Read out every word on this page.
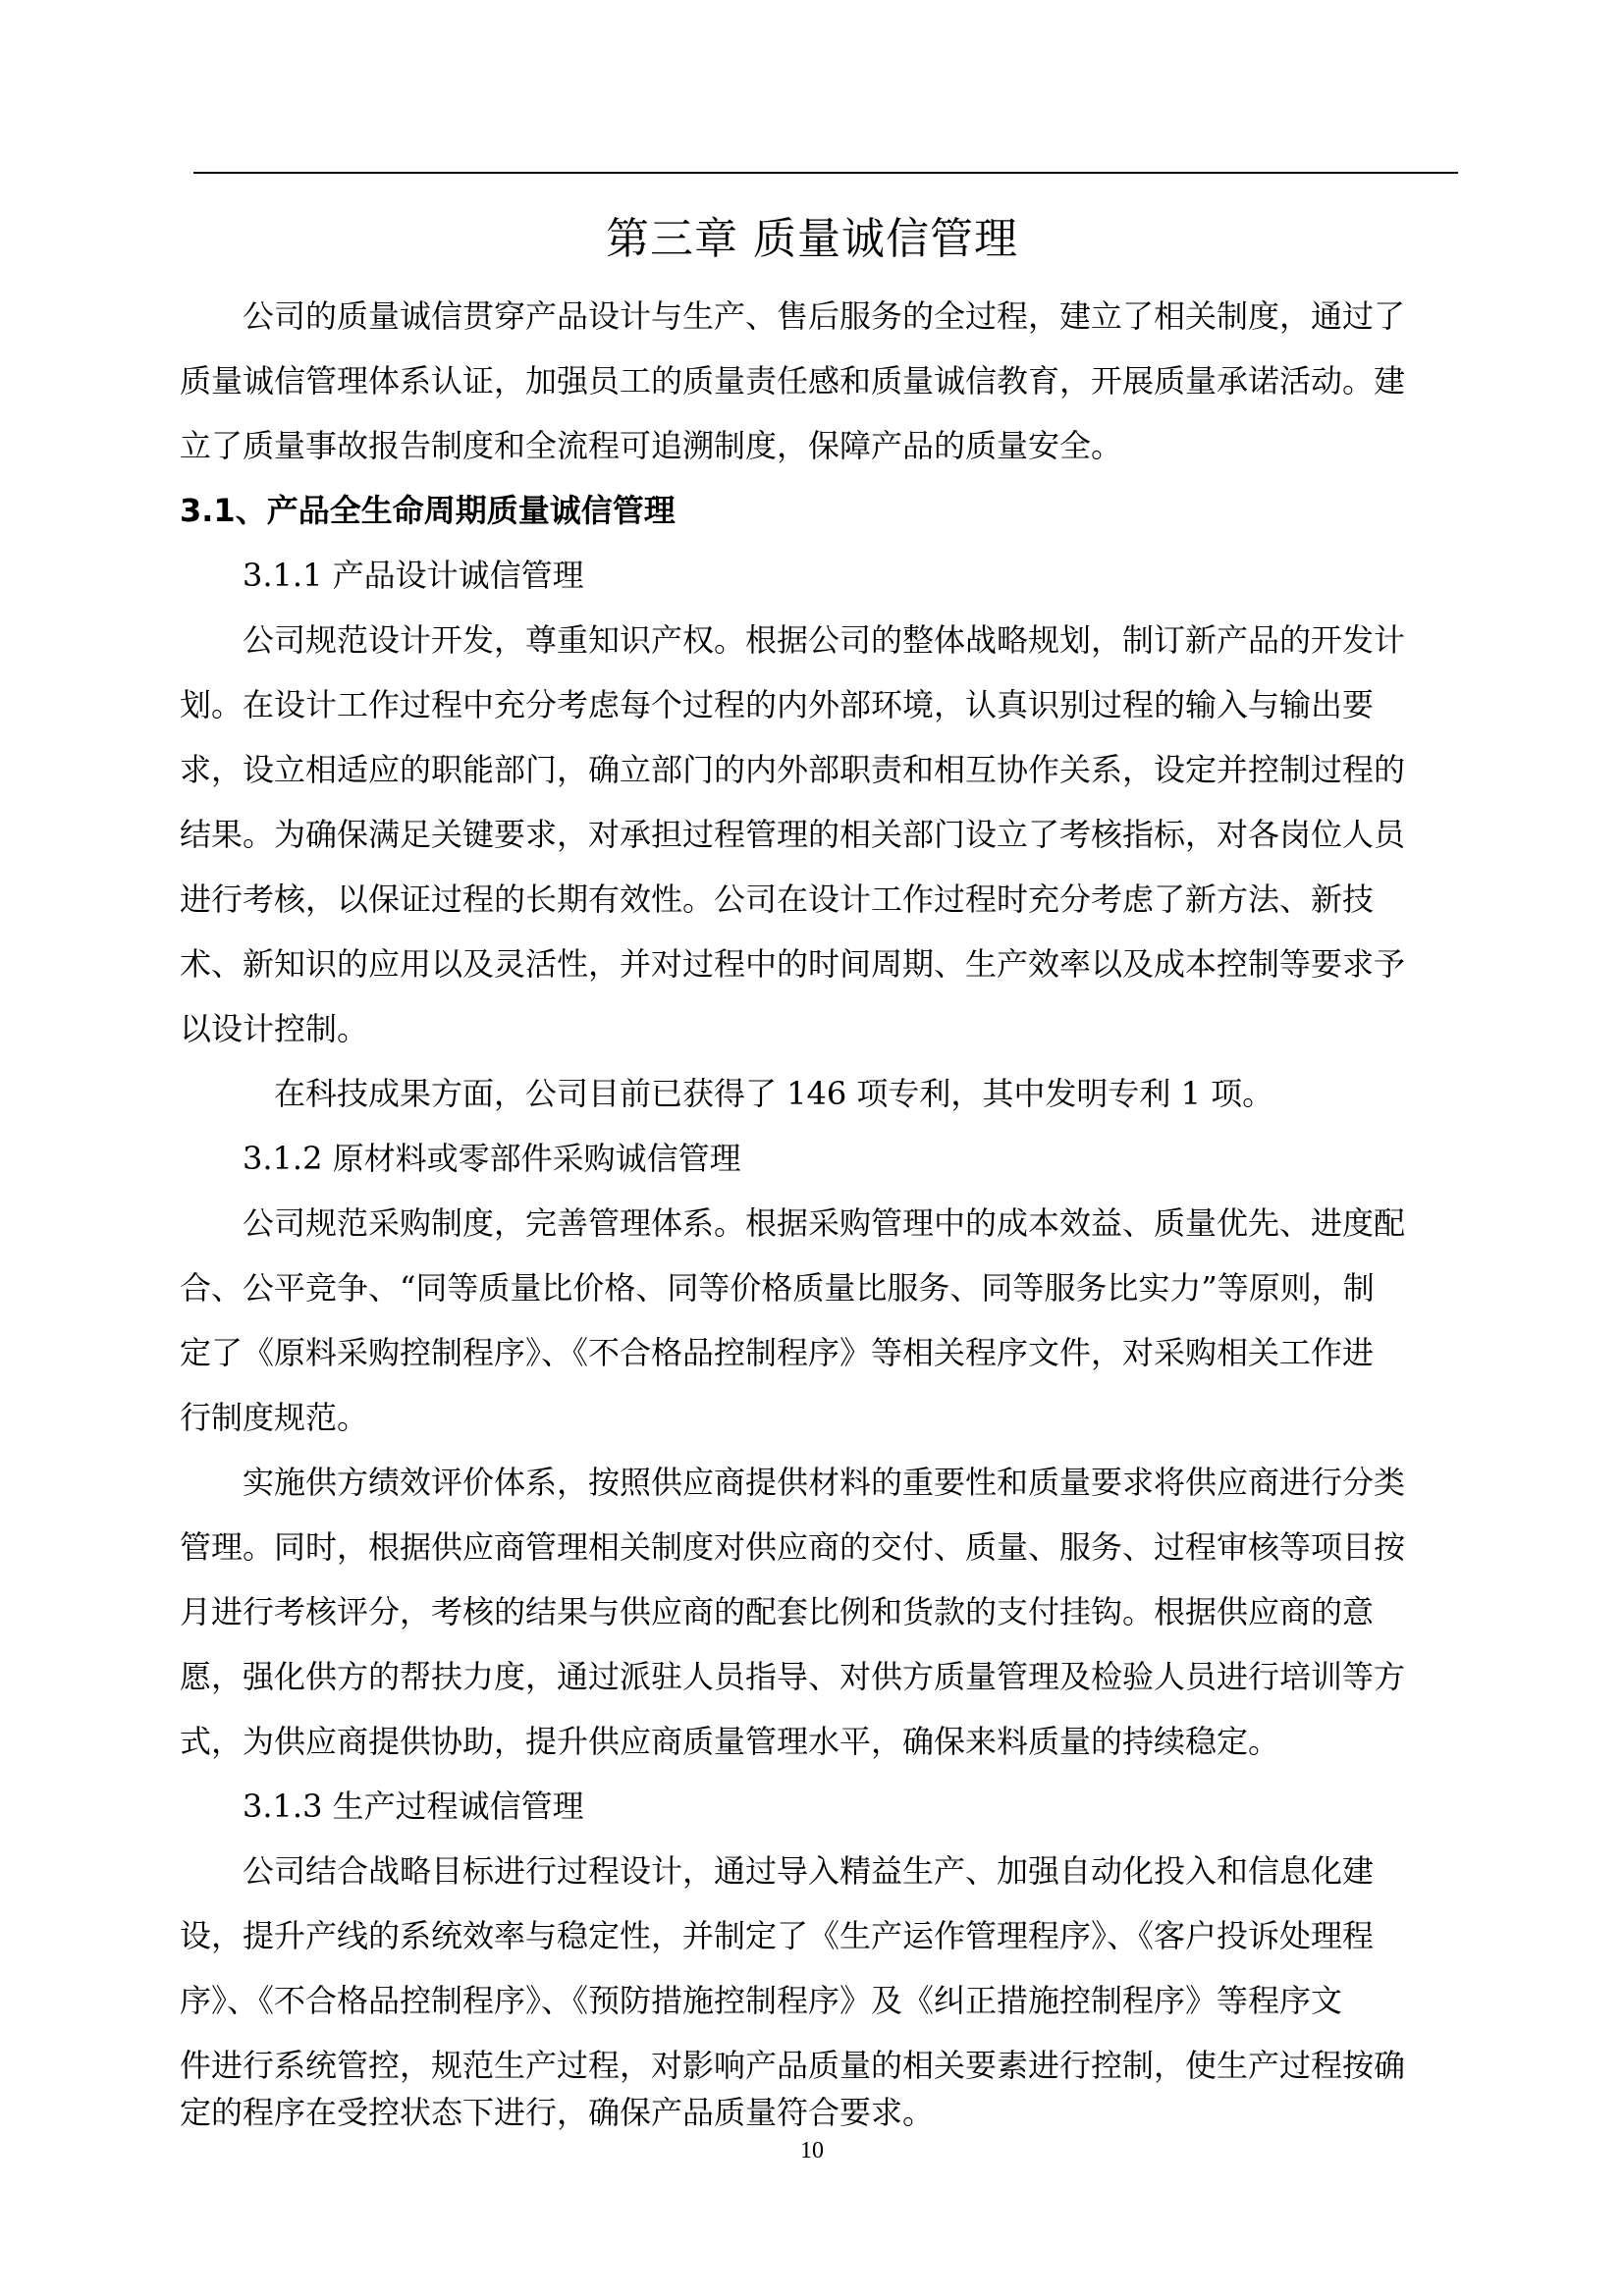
第三章 质量诚信管理

公司的质量诚信贯穿产品设计与生产、售后服务的全过程，建立了相关制度，通过了

质量诚信管理体系认证，加强员工的质量责任感和质量诚信教育，开展质量承诺活动。建

立了质量事故报告制度和全流程可追溯制度，保障产品的质量安全。

3.1、产品全生命周期质量诚信管理

3.1.1 产品设计诚信管理

公司规范设计开发，尊重知识产权。根据公司的整体战略规划，制订新产品的开发计

划。在设计工作过程中充分考虑每个过程的内外部环境，认真识别过程的输入与输出要

求，设立相适应的职能部门，确立部门的内外部职责和相互协作关系，设定并控制过程的

结果。为确保满足关键要求，对承担过程管理的相关部门设立了考核指标，对各岗位人员

进行考核，以保证过程的长期有效性。公司在设计工作过程时充分考虑了新方法、新技

术、新知识的应用以及灵活性，并对过程中的时间周期、生产效率以及成本控制等要求予

以设计控制。

在科技成果方面，公司目前已获得了 146 项专利，其中发明专利 1 项。

3.1.2 原材料或零部件采购诚信管理

公司规范采购制度，完善管理体系。根据采购管理中的成本效益、质量优先、进度配

合、公平竞争、“同等质量比价格、同等价格质量比服务、同等服务比实力”等原则，制

定了《原料采购控制程序》、《不合格品控制程序》等相关程序文件，对采购相关工作进

行制度规范。

实施供方绩效评价体系，按照供应商提供材料的重要性和质量要求将供应商进行分类

管理。同时，根据供应商管理相关制度对供应商的交付、质量、服务、过程审核等项目按

月进行考核评分，考核的结果与供应商的配套比例和货款的支付挂钩。根据供应商的意

愿，强化供方的帮扶力度，通过派驻人员指导、对供方质量管理及检验人员进行培训等方

式，为供应商提供协助，提升供应商质量管理水平，确保来料质量的持续稳定。

3.1.3 生产过程诚信管理

公司结合战略目标进行过程设计，通过导入精益生产、加强自动化投入和信息化建

设，提升产线的系统效率与稳定性，并制定了《生产运作管理程序》、《客户投诉处理程

序》、《不合格品控制程序》、《预防措施控制程序》及《纠正措施控制程序》等程序文

件进行系统管控，规范生产过程，对影响产品质量的相关要素进行控制，使生产过程按确

定的程序在受控状态下进行，确保产品质量符合要求。

10
